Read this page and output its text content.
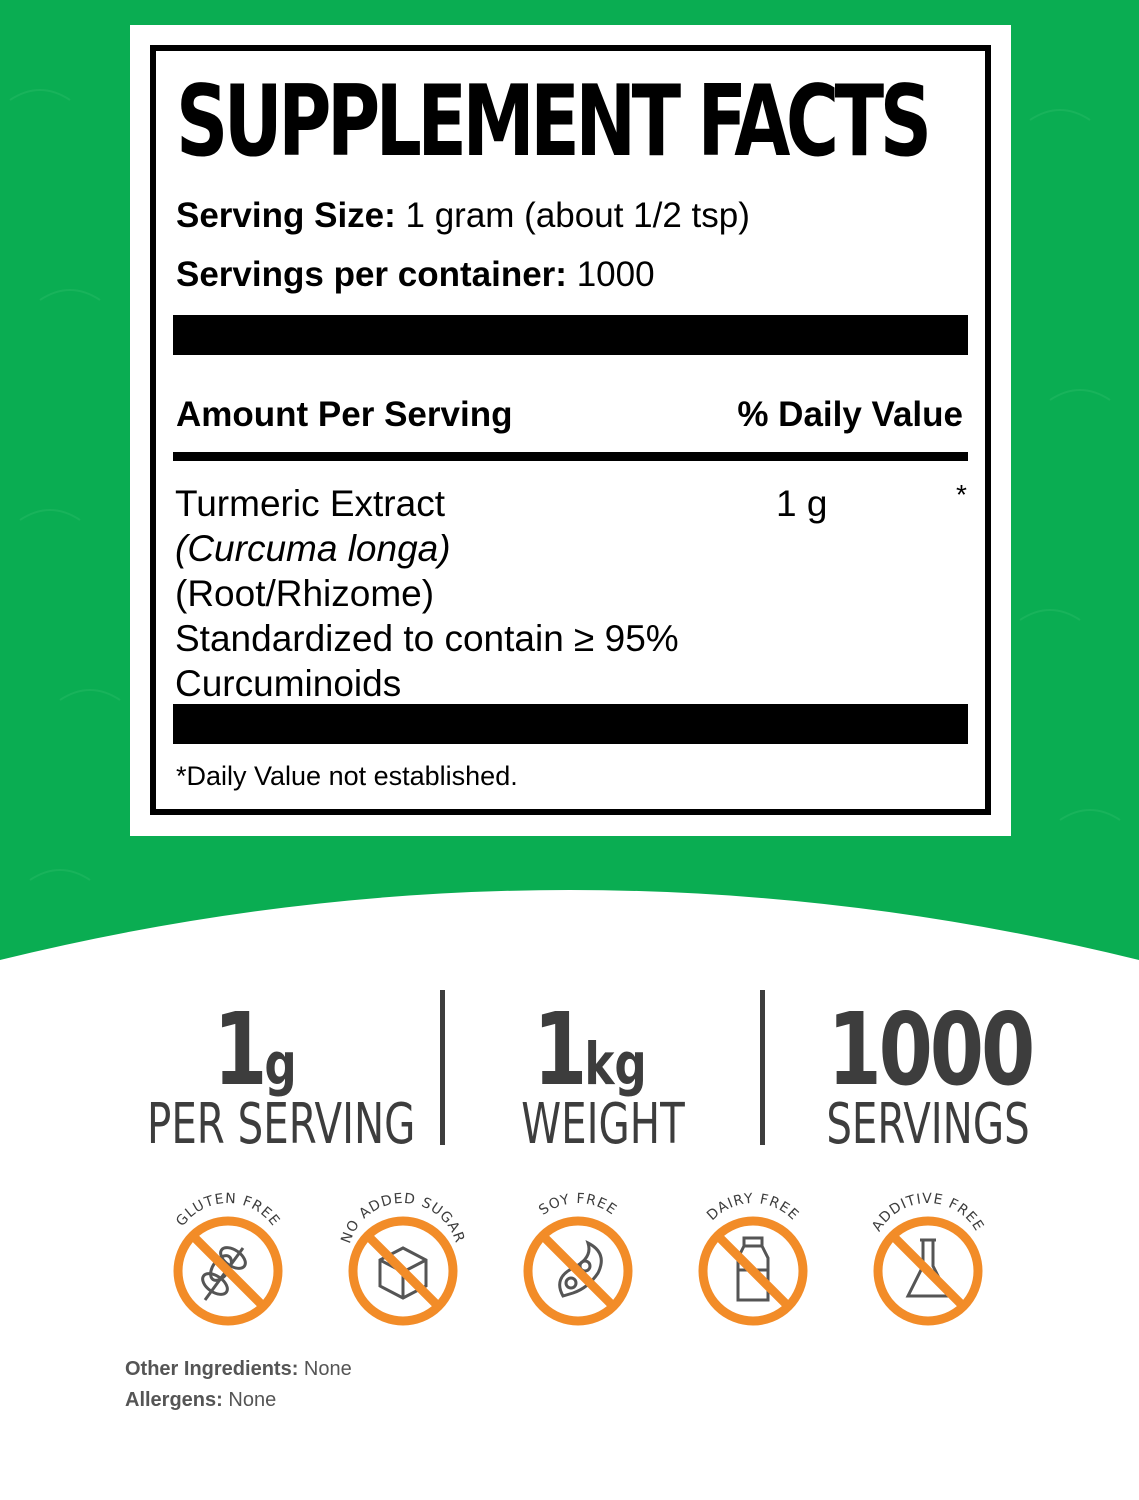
SUPPLEMENT FACTS
Serving Size: 1 gram (about 1/2 tsp)
Servings per container: 1000
Amount Per Serving	% Daily Value
Turmeric Extract
(Curcuma longa)
(Root/Rhizome)
Standardized to contain ≥ 95%
Curcuminoids
1 g	*
*Daily Value not established.
1g
PER SERVING
1kg
WEIGHT
1000
SERVINGS
GLUTEN FREE
NO ADDED SUGAR
SOY FREE	DAIRY FREE
ADDITIVE FREE
Other Ingredients: None
Allergens: None
